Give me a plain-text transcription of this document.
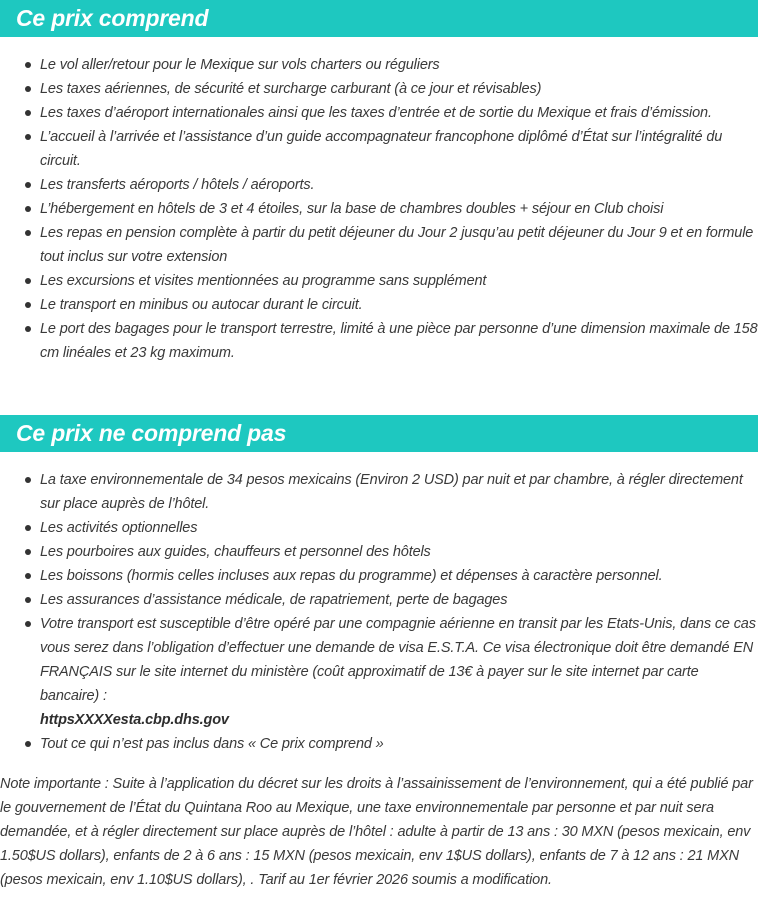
Ce prix comprend
Le vol aller/retour pour le Mexique sur vols charters ou réguliers
Les taxes aériennes, de sécurité et surcharge carburant (à ce jour et révisables)
Les taxes d’aéroport internationales ainsi que les taxes d’entrée et de sortie du Mexique et frais d’émission.
L’accueil à l’arrivée et l’assistance d’un guide accompagnateur francophone diplômé d’État sur l’intégralité du circuit.
Les transferts aéroports / hôtels / aéroports.
L’hébergement en hôtels de 3 et 4 étoiles, sur la base de chambres doubles + séjour en Club choisi
Les repas en pension complète à partir du petit déjeuner du Jour 2 jusqu’au petit déjeuner du Jour 9 et en formule tout inclus sur votre extension
Les excursions et visites mentionnées au programme sans supplément
Le transport en minibus ou autocar durant le circuit.
Le port des bagages pour le transport terrestre, limité à une pièce par personne d’une dimension maximale de 158 cm linéales et 23 kg maximum.
Ce prix ne comprend pas
La taxe environnementale de 34 pesos mexicains (Environ 2 USD) par nuit et par chambre, à régler directement sur place auprès de l’hôtel.
Les activités optionnelles
Les pourboires aux guides, chauffeurs et personnel des hôtels
Les boissons (hormis celles incluses aux repas du programme) et dépenses à caractère personnel.
Les assurances d’assistance médicale, de rapatriement, perte de bagages
Votre transport est susceptible d’être opéré par une compagnie aérienne en transit par les Etats-Unis, dans ce cas vous serez dans l’obligation d’effectuer une demande de visa E.S.T.A. Ce visa électronique doit être demandé EN FRANÇAIS sur le site internet du ministère (coût approximatif de 13€ à payer sur le site internet par carte bancaire) :
httpsXXXXesta.cbp.dhs.gov
Tout ce qui n’est pas inclus dans « Ce prix comprend »

Note importante : Suite à l’application du décret sur les droits à l’assainissement de l’environnement, qui a été publié par le gouvernement de l’État du Quintana Roo au Mexique, une taxe environnementale par personne et par nuit sera demandée, et à régler directement sur place auprès de l’hôtel : adulte à partir de 13 ans : 30 MXN (pesos mexicain, env 1.50$US dollars), enfants de 2 à 6 ans : 15 MXN (pesos mexicain, env 1$US dollars), enfants de 7 à 12 ans : 21 MXN (pesos mexicain, env 1.10$US dollars), . Tarif au 1er février 2026 soumis a modification.
